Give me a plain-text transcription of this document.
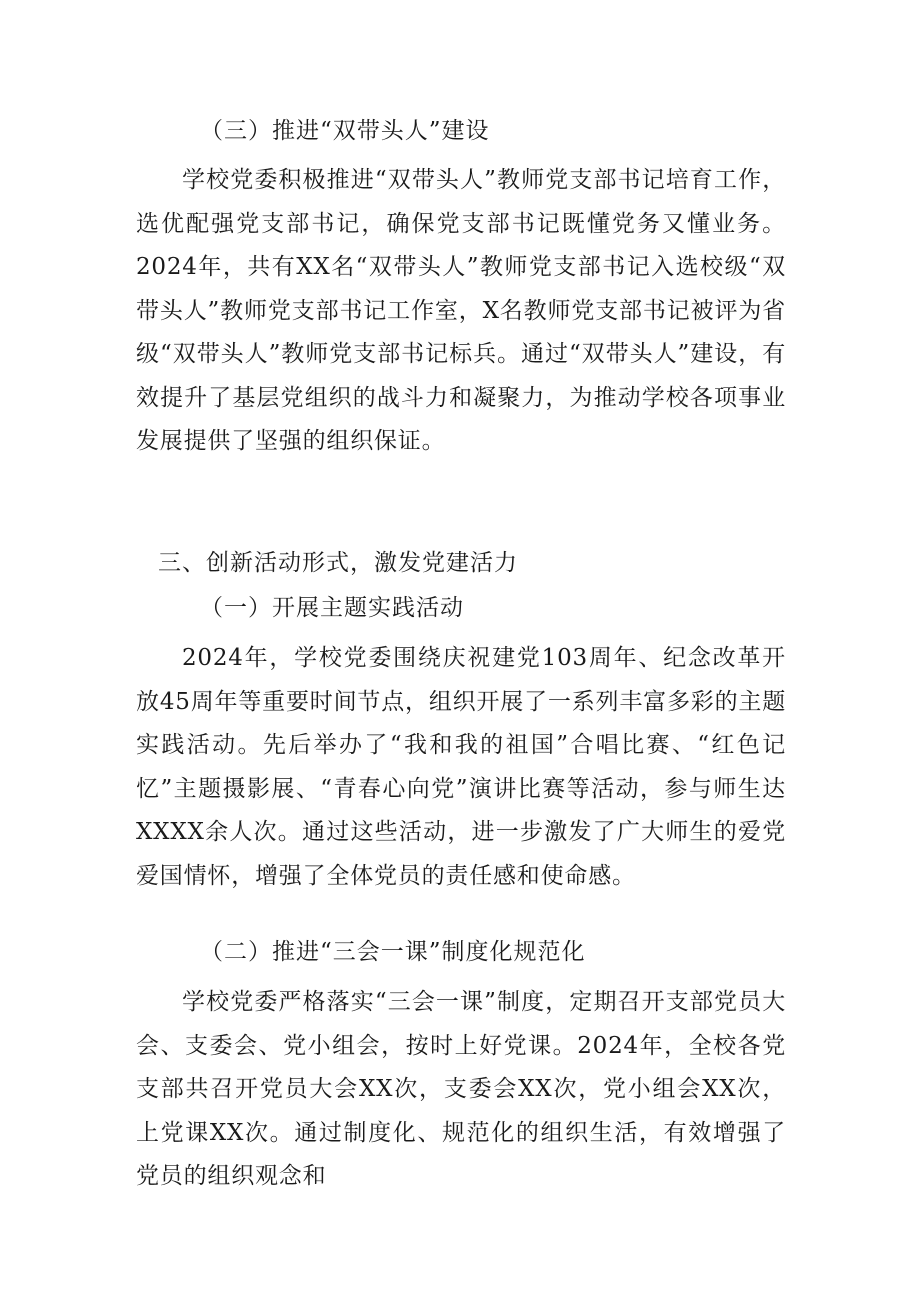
（三）推进“双带头人”建设
学校党委积极推进“双带头人”教师党支部书记培育工作，选优配强党支部书记，确保党支部书记既懂党务又懂业务。2024年，共有XX名“双带头人”教师党支部书记入选校级“双带头人”教师党支部书记工作室，X名教师党支部书记被评为省级“双带头人”教师党支部书记标兵。通过“双带头人”建设，有效提升了基层党组织的战斗力和凝聚力，为推动学校各项事业发展提供了坚强的组织保证。
三、创新活动形式，激发党建活力
（一）开展主题实践活动
2024年，学校党委围绕庆祝建党103周年、纪念改革开放45周年等重要时间节点，组织开展了一系列丰富多彩的主题实践活动。先后举办了“我和我的祖国”合唱比赛、“红色记忆”主题摄影展、“青春心向党”演讲比赛等活动，参与师生达XXXX余人次。通过这些活动，进一步激发了广大师生的爱党爱国情怀，增强了全体党员的责任感和使命感。
（二）推进“三会一课”制度化规范化
学校党委严格落实“三会一课”制度，定期召开支部党员大会、支委会、党小组会，按时上好党课。2024年，全校各党支部共召开党员大会XX次，支委会XX次，党小组会XX次，上党课XX次。通过制度化、规范化的组织生活，有效增强了党员的组织观念和
